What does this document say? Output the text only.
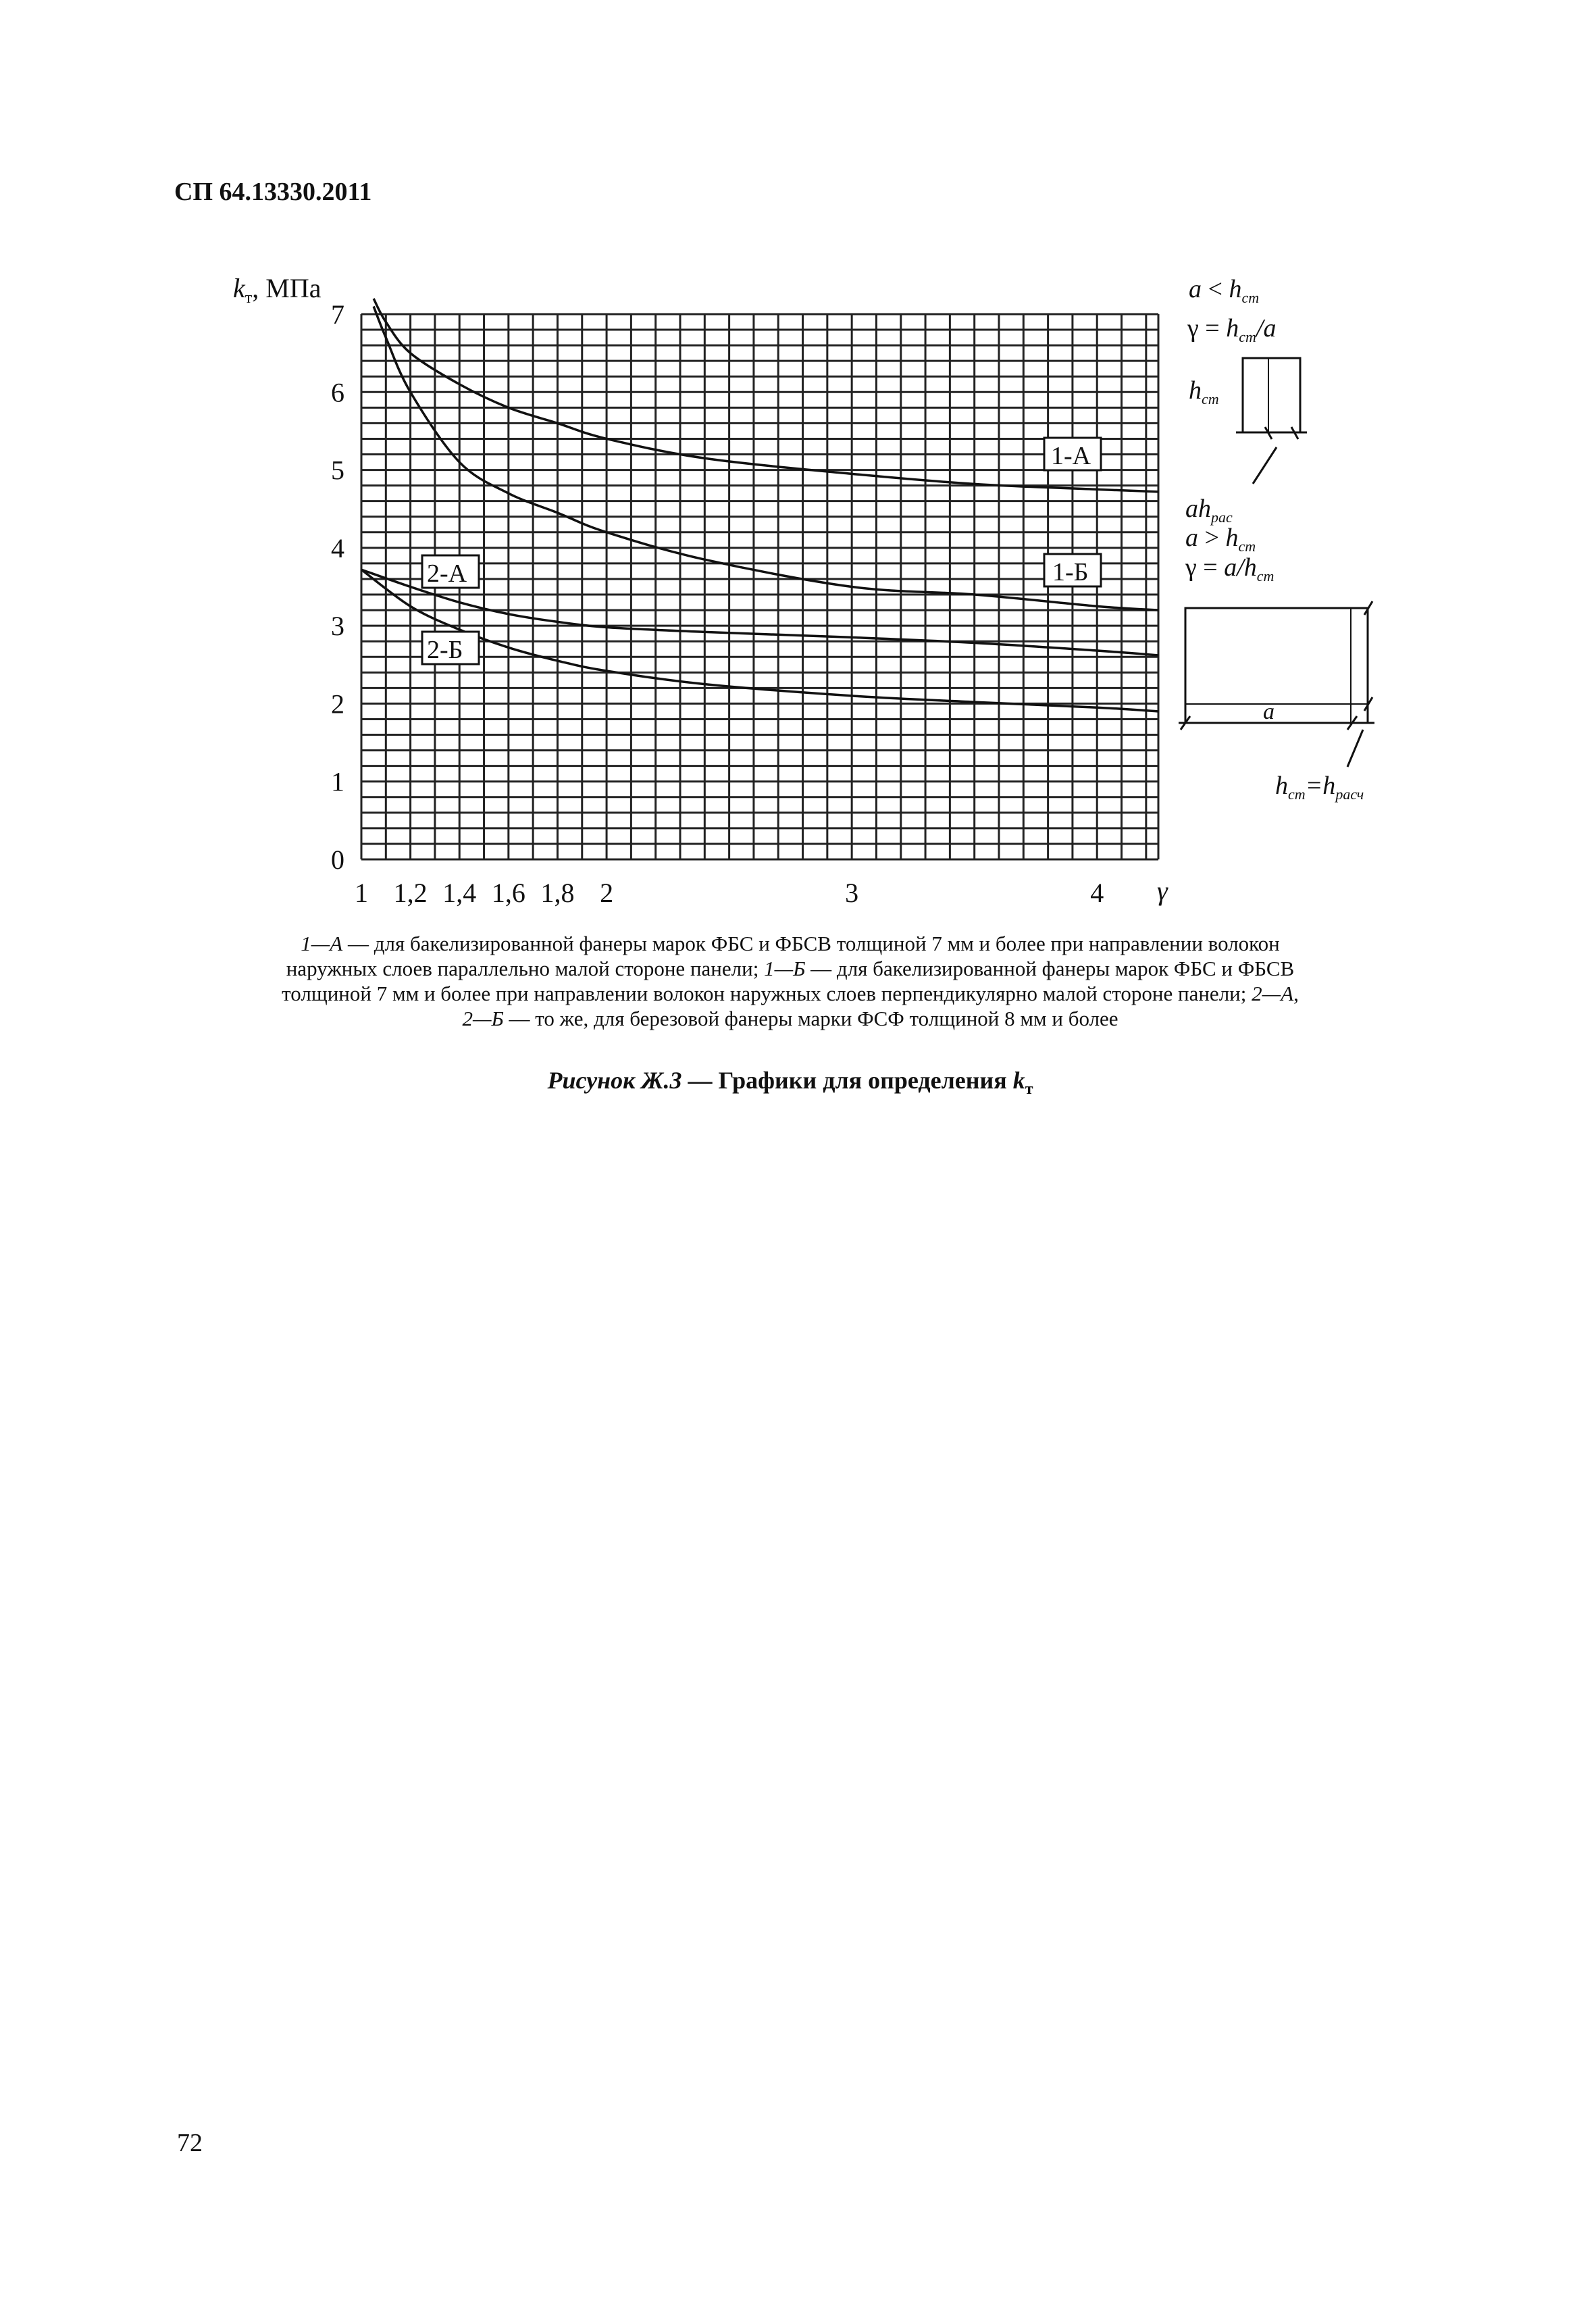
СП 64.13330.2011
1 1,2 1,4 1,6 1,8 2	3	4
0
1
2
3
4
5
6
7
1-А
1-Б
2-А
2-Б
$k_т$, МПа
γ
$a < h_{ст}$
$\gamma = h_{ст}/a$
$h_{ст}$
$ah_{рас}$
$a > h_{ст}$
$\gamma = a/h_{ст}$
a
$h_{ст}=h_{расч}$

1—А — для бакелизированной фанеры марок ФБС и ФБСВ толщиной 7 мм и более при направлении волокон

наружных слоев параллельно малой стороне панели; 1—Б — для бакелизированной фанеры марок ФБС и ФБСВ

толщиной 7 мм и более при направлении волокон наружных слоев перпендикулярно малой стороне панели; 2—А,

2—Б — то же, для березовой фанеры марки ФСФ толщиной 8 мм и более

Рисунок Ж.3 — Графики для определения $k_т$
72
